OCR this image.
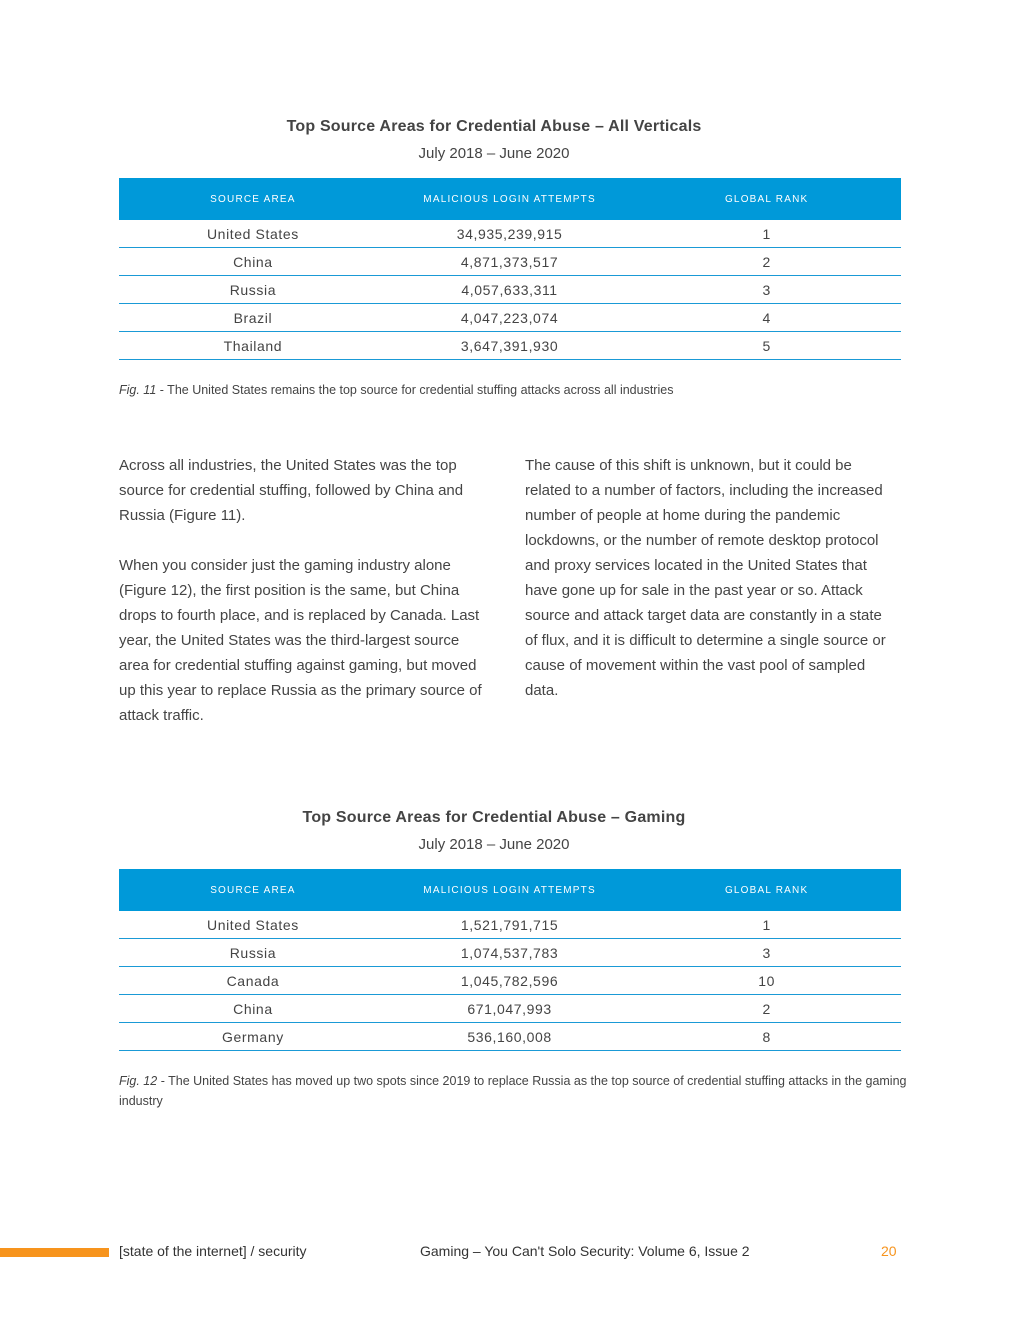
Top Source Areas for Credential Abuse – All Verticals
July 2018 – June 2020
SOURCE AREA	MALICIOUS LOGIN ATTEMPTS	GLOBAL RANK
United States	34,935,239,915	1
China	4,871,373,517	2
Russia	4,057,633,311	3
Brazil	4,047,223,074	4
Thailand	3,647,391,930	5
Fig. 11 - The United States remains the top source for credential stuffing attacks across all industries
Across all industries, the United States was the top source for credential stuffing, followed by China and Russia (Figure 11).
When you consider just the gaming industry alone (Figure 12), the first position is the same, but China drops to fourth place, and is replaced by Canada. Last year, the United States was the third-largest source area for credential stuffing against gaming, but moved up this year to replace Russia as the primary source of attack traffic.
The cause of this shift is unknown, but it could be related to a number of factors, including the increased number of people at home during the pandemic lockdowns, or the number of remote desktop protocol and proxy services located in the United States that have gone up for sale in the past year or so. Attack source and attack target data are constantly in a state of flux, and it is difficult to determine a single source or cause of movement within the vast pool of sampled data.
Top Source Areas for Credential Abuse – Gaming
July 2018 – June 2020
SOURCE AREA	MALICIOUS LOGIN ATTEMPTS	GLOBAL RANK
United States	1,521,791,715	1
Russia	1,074,537,783	3
Canada	1,045,782,596	10
China	671,047,993	2
Germany	536,160,008	8
Fig. 12 - The United States has moved up two spots since 2019 to replace Russia as the top source of credential stuffing attacks in the gaming industry
[state of the internet] / security	Gaming – You Can't Solo Security: Volume 6, Issue 2	20
